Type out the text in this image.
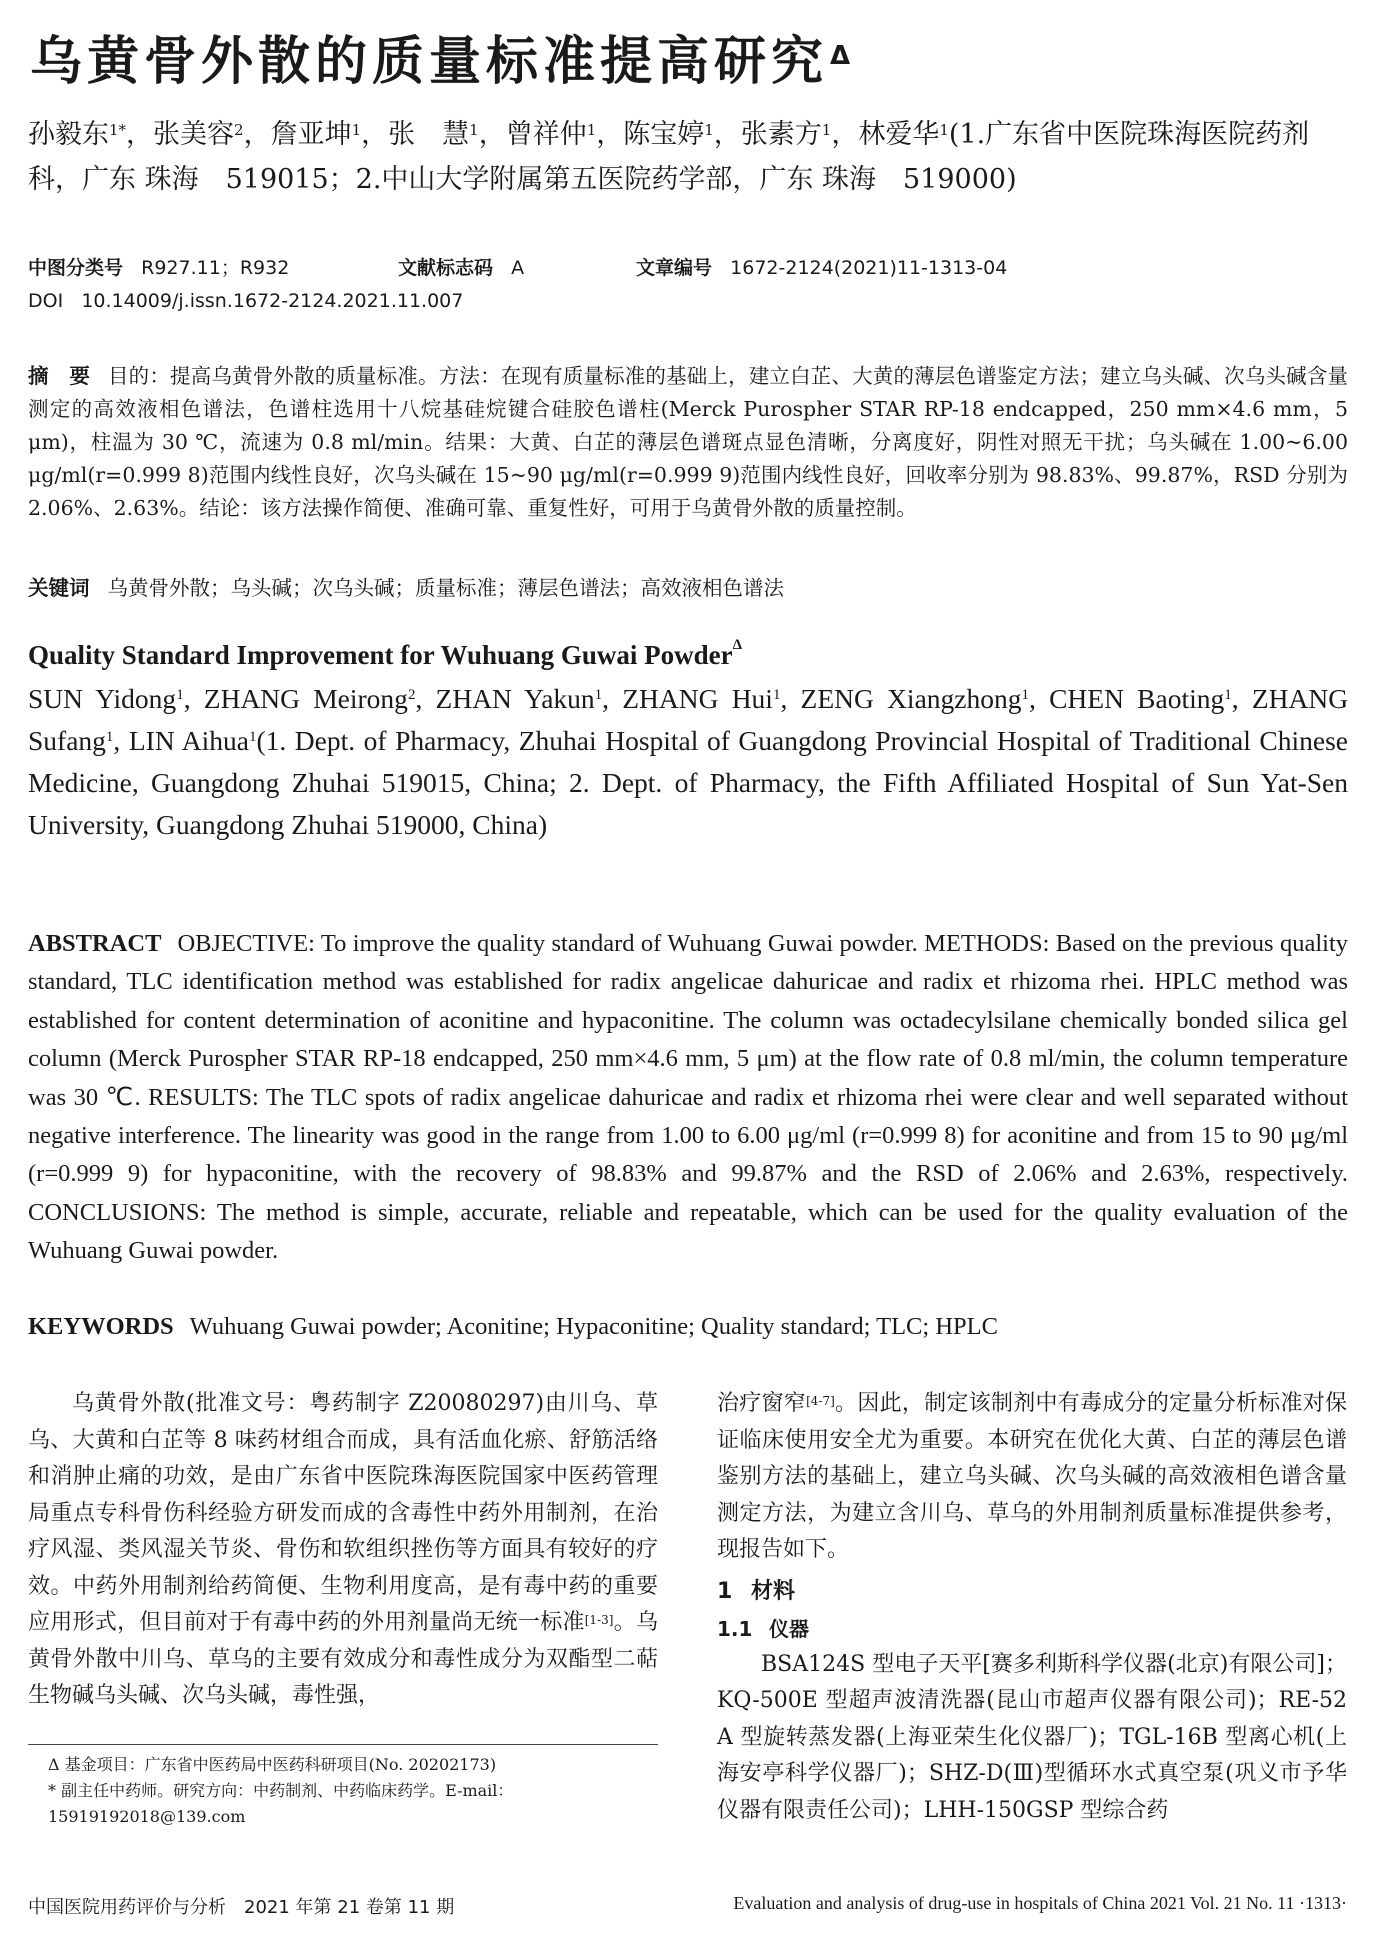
乌黄骨外散的质量标准提高研究$^\Delta$
孙毅东$^{1*}$，张美容$^2$，詹亚坤$^1$，张　慧$^1$，曾祥仲$^1$，陈宝婷$^1$，张素方$^1$，林爱华$^1$(1.广东省中医院珠海医院药剂科，广东 珠海　519015；2.中山大学附属第五医院药学部，广东 珠海　519000)
中图分类号 R927.11；R932	文献标志码 A	文章编号 1672-2124(2021)11-1313-04
DOI 10.14009/j.issn.1672-2124.2021.11.007
摘　要 目的：提高乌黄骨外散的质量标准。方法：在现有质量标准的基础上，建立白芷、大黄的薄层色谱鉴定方法；建立乌头碱、次乌头碱含量测定的高效液相色谱法，色谱柱选用十八烷基硅烷键合硅胶色谱柱(Merck Purospher STAR RP-18 endcapped，250 mm×4.6 mm，5 μm)，柱温为 30 ℃，流速为 0.8 ml/min。结果：大黄、白芷的薄层色谱斑点显色清晰，分离度好，阴性对照无干扰；乌头碱在 1.00~6.00 μg/ml(r=0.999 8)范围内线性良好，次乌头碱在 15~90 μg/ml(r=0.999 9)范围内线性良好，回收率分别为 98.83%、99.87%，RSD 分别为 2.06%、2.63%。结论：该方法操作简便、准确可靠、重复性好，可用于乌黄骨外散的质量控制。
关键词 乌黄骨外散；乌头碱；次乌头碱；质量标准；薄层色谱法；高效液相色谱法
Quality Standard Improvement for Wuhuang Guwai Powder$^\Delta$
SUN Yidong$^1$, ZHANG Meirong$^2$, ZHAN Yakun$^1$, ZHANG Hui$^1$, ZENG Xiangzhong$^1$, CHEN Baoting$^1$, ZHANG Sufang$^1$, LIN Aihua$^1$(1. Dept. of Pharmacy, Zhuhai Hospital of Guangdong Provincial Hospital of Traditional Chinese Medicine, Guangdong Zhuhai 519015, China; 2. Dept. of Pharmacy, the Fifth Affiliated Hospital of Sun Yat-Sen University, Guangdong Zhuhai 519000, China)
ABSTRACT OBJECTIVE: To improve the quality standard of Wuhuang Guwai powder. METHODS: Based on the previous quality standard, TLC identification method was established for radix angelicae dahuricae and radix et rhizoma rhei. HPLC method was established for content determination of aconitine and hypaconitine. The column was octadecylsilane chemically bonded silica gel column (Merck Purospher STAR RP-18 endcapped, 250 mm×4.6 mm, 5 μm) at the flow rate of 0.8 ml/min, the column temperature was 30 ℃. RESULTS: The TLC spots of radix angelicae dahuricae and radix et rhizoma rhei were clear and well separated without negative interference. The linearity was good in the range from 1.00 to 6.00 μg/ml (r=0.999 8) for aconitine and from 15 to 90 μg/ml (r=0.999 9) for hypaconitine, with the recovery of 98.83% and 99.87% and the RSD of 2.06% and 2.63%, respectively. CONCLUSIONS: The method is simple, accurate, reliable and repeatable, which can be used for the quality evaluation of the Wuhuang Guwai powder.
KEYWORDS Wuhuang Guwai powder; Aconitine; Hypaconitine; Quality standard; TLC; HPLC

乌黄骨外散(批准文号：粤药制字 Z20080297)由川乌、草乌、大黄和白芷等 8 味药材组合而成，具有活血化瘀、舒筋活络和消肿止痛的功效，是由广东省中医院珠海医院国家中医药管理局重点专科骨伤科经验方研发而成的含毒性中药外用制剂，在治疗风湿、类风湿关节炎、骨伤和软组织挫伤等方面具有较好的疗效。中药外用制剂给药简便、生物利用度高，是有毒中药的重要应用形式，但目前对于有毒中药的外用剂量尚无统一标准[1-3]。乌黄骨外散中川乌、草乌的主要有效成分和毒性成分为双酯型二萜生物碱乌头碱、次乌头碱，毒性强，

Δ 基金项目：广东省中医药局中医药科研项目(No. 20202173)
* 副主任中药师。研究方向：中药制剂、中药临床药学。E-mail：15919192018@139.com

治疗窗窄[4-7]。因此，制定该制剂中有毒成分的定量分析标准对保证临床使用安全尤为重要。本研究在优化大黄、白芷的薄层色谱鉴别方法的基础上，建立乌头碱、次乌头碱的高效液相色谱含量测定方法，为建立含川乌、草乌的外用制剂质量标准提供参考，现报告如下。

1 材料
1.1 仪器

BSA124S 型电子天平[赛多利斯科学仪器(北京)有限公司]；KQ-500E 型超声波清洗器(昆山市超声仪器有限公司)；RE-52 A 型旋转蒸发器(上海亚荣生化仪器厂)；TGL-16B 型离心机(上海安亭科学仪器厂)；SHZ-D(Ⅲ)型循环水式真空泵(巩义市予华仪器有限责任公司)；LHH-150GSP 型综合药

中国医院用药评价与分析　2021 年第 21 卷第 11 期	Evaluation and analysis of drug-use in hospitals of China 2021 Vol. 21 No. 11 ·1313·
